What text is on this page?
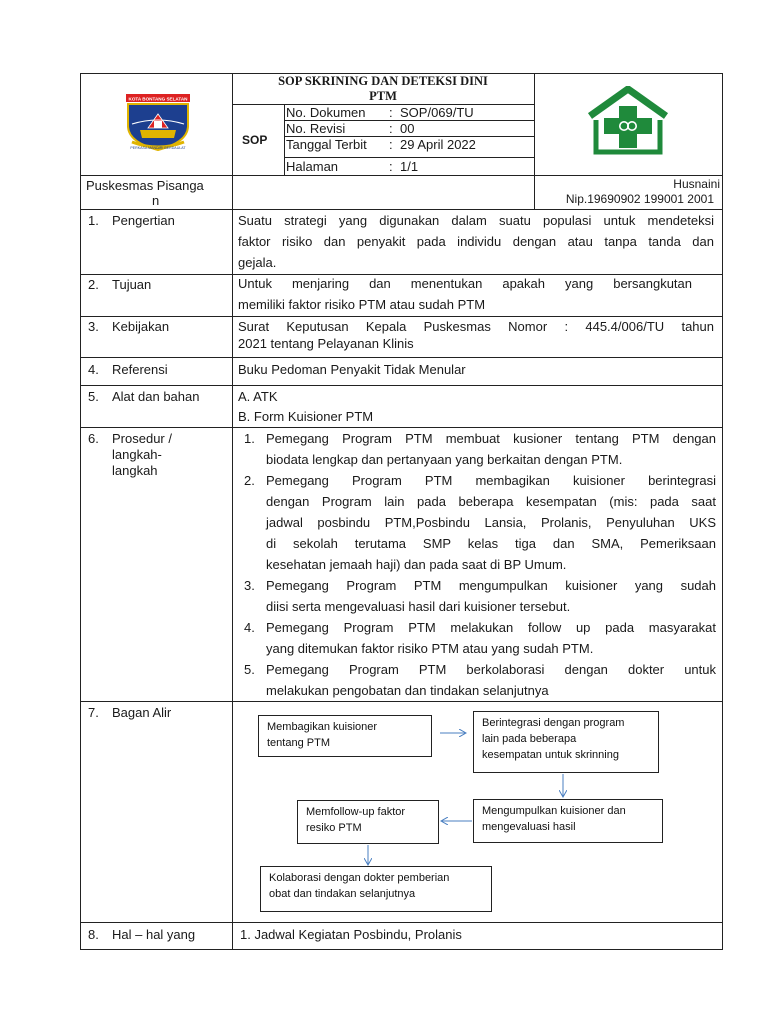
KOTA BONTANG SELATAN
PERKASA MANDIRI BERDAULAT
SOP SKRINING DAN DETEKSI DINI
PTM
SOP
No. Dokumen : SOP/069/TU
No. Revisi	: 00
Tanggal Terbit : 29 April 2022
Halaman	: 1/1
Puskesmas Pisanga
n
Husnaini
Nip.19690902 199001 2001
1. Pengertian	Suatu strategi yang digunakan dalam suatu populasi untuk mendeteksi
faktor risiko dan penyakit pada individu dengan atau tanpa tanda dan
gejala.
2. Tujuan	Untuk menjaring dan menentukan apakah yang bersangkutan
memiliki faktor risiko PTM atau sudah PTM
3. Kebijakan	Surat Keputusan Kepala Puskesmas Nomor : 445.4/006/TU tahun
2021 tentang Pelayanan Klinis
4. Referensi	Buku Pedoman Penyakit Tidak Menular
5. Alat dan bahan	A. ATK
B. Form Kuisioner PTM
6. Prosedur /
langkah-
langkah
1. Pemegang Program PTM membuat kusioner tentang PTM dengan
biodata lengkap dan pertanyaan yang berkaitan dengan PTM.
2. Pemegang Program PTM membagikan kuisioner berintegrasi
dengan Program lain pada beberapa kesempatan (mis: pada saat
jadwal posbindu PTM,Posbindu Lansia, Prolanis, Penyuluhan UKS
di sekolah terutama SMP kelas tiga dan SMA, Pemeriksaan
kesehatan jemaah haji) dan pada saat di BP Umum.
3. Pemegang Program PTM mengumpulkan kuisioner yang sudah
diisi serta mengevaluasi hasil dari kuisioner tersebut.
4. Pemegang Program PTM melakukan follow up pada masyarakat
yang ditemukan faktor risiko PTM atau yang sudah PTM.
5. Pemegang Program PTM berkolaborasi dengan dokter untuk
melakukan pengobatan dan tindakan selanjutnya
7. Bagan Alir
Membagikan kuisioner
tentang PTM
Berintegrasi dengan program
lain pada beberapa
kesempatan untuk skrinning
Mengumpulkan kuisioner dan
mengevaluasi hasil
Memfollow-up faktor
resiko PTM
Kolaborasi dengan dokter pemberian
obat dan tindakan selanjutnya
8. Hal – hal yang	1. Jadwal Kegiatan Posbindu, Prolanis
